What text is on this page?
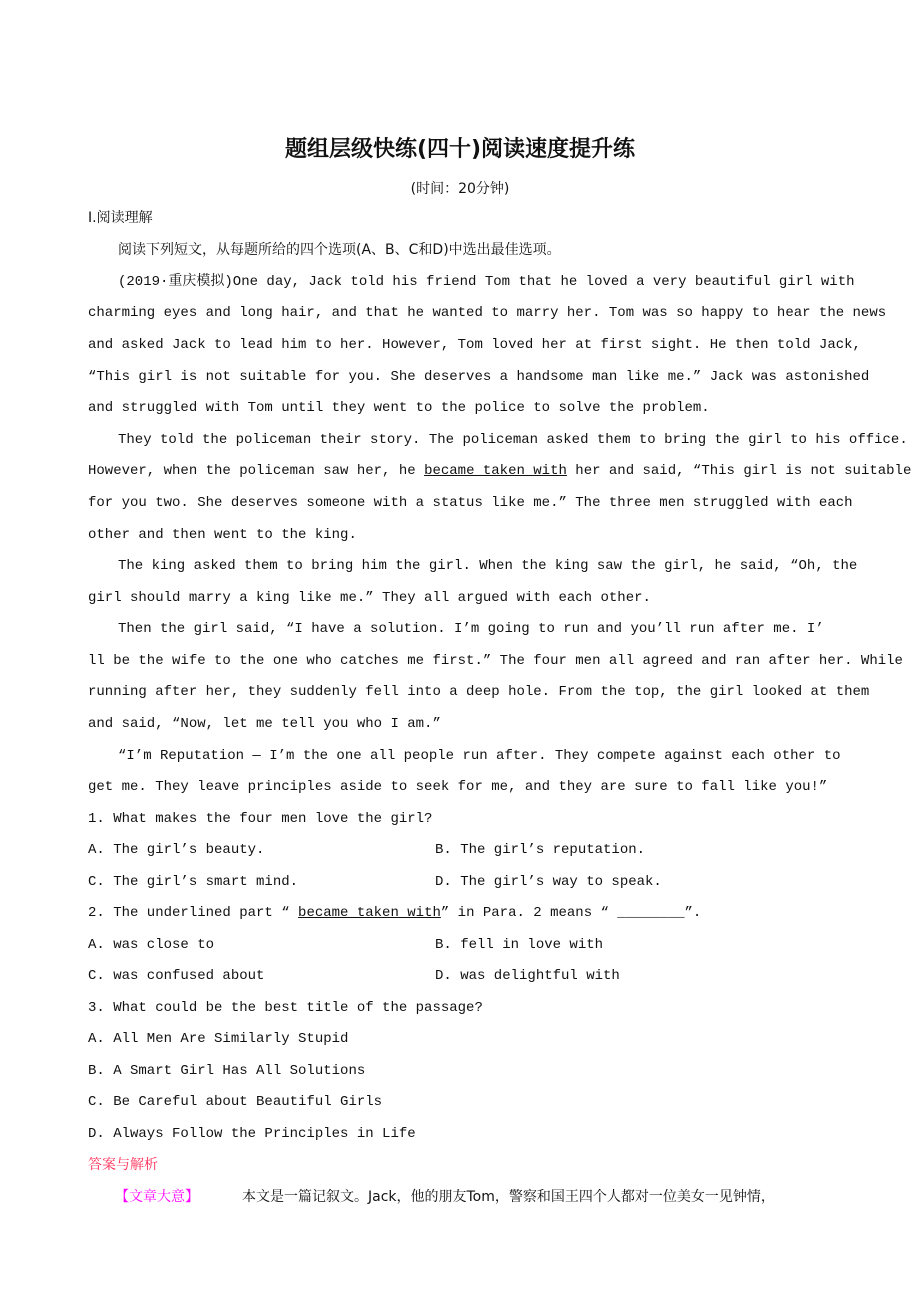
题组层级快练(四十)阅读速度提升练
(时间：20分钟)
Ⅰ.阅读理解
阅读下列短文，从每题所给的四个选项(A、B、C和D)中选出最佳选项。
(2019·重庆模拟)One day, Jack told his friend Tom that he loved a very beautiful girl with
charming eyes and long hair, and that he wanted to marry her. Tom was so happy to hear the news
and asked Jack to lead him to her. However, Tom loved her at first sight. He then told Jack,
“This girl is not suitable for you. She deserves a handsome man like me.” Jack was astonished
and struggled with Tom until they went to the police to solve the problem.
They told the policeman their story. The policeman asked them to bring the girl to his office.
However, when the policeman saw her, he became taken with her and said, “This girl is not suitable
for you two. She deserves someone with a status like me.” The three men struggled with each
other and then went to the king.
The king asked them to bring him the girl. When the king saw the girl, he said, “Oh, the
girl should marry a king like me.” They all argued with each other.
Then the girl said, “I have a solution. I’m going to run and you’ll run after me. I’
ll be the wife to the one who catches me first.” The four men all agreed and ran after her. While
running after her, they suddenly fell into a deep hole. From the top, the girl looked at them
and said, “Now, let me tell you who I am.”
“I’m Reputation — I’m the one all people run after. They compete against each other to
get me. They leave principles aside to seek for me, and they are sure to fall like you!”
1. What makes the four men love the girl?
A. The girl’s beauty.	B. The girl’s reputation.
C. The girl’s smart mind.	D. The girl’s way to speak.
2. The underlined part “ became taken with” in Para. 2 means “ ________”.
A. was close to	B. fell in love with
C. was confused about	D. was delightful with
3. What could be the best title of the passage?
A. All Men Are Similarly Stupid
B. A Smart Girl Has All Solutions
C. Be Careful about Beautiful Girls
D. Always Follow the Principles in Life
答案与解析
【文章大意】	本文是一篇记叙文。Jack，他的朋友Tom，警察和国王四个人都对一位美女一见钟情，
